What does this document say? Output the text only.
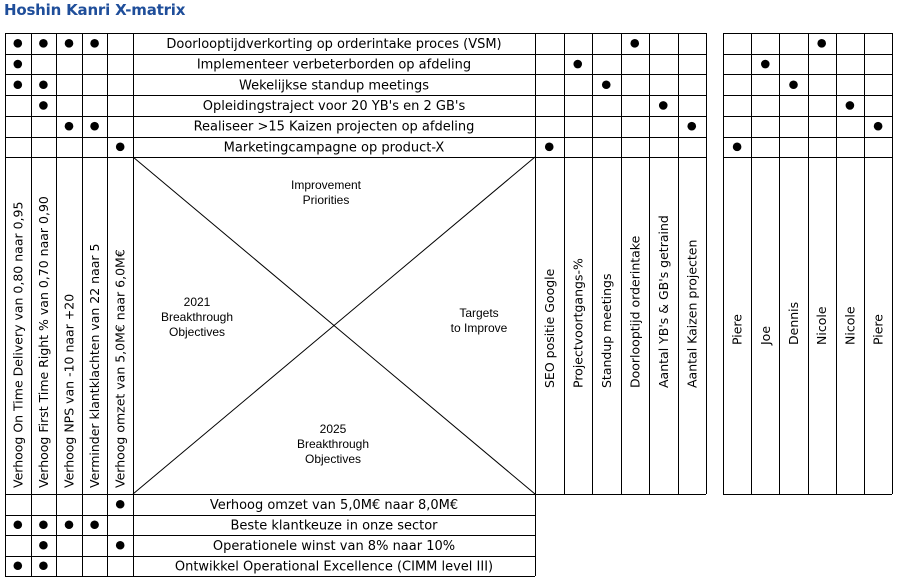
Hoshin Kanri X-matrix
Improvement
Priorities
2021
Breakthrough
Objectives
Targets
to Improve
2025
Breakthrough
Objectives
Doorlooptijdverkorting op orderintake proces (VSM)
Implementeer verbeterborden op afdeling
Wekelijkse standup meetings
Opleidingstraject voor 20 YB's en 2 GB's
Realiseer >15 Kaizen projecten op afdeling
Marketingcampagne op product-X
Verhoog omzet van 5,0M€ naar 8,0M€
Beste klantkeuze in onze sector
Operationele winst van 8% naar 10%
Ontwikkel Operational Excellence (CIMM level III)
Verhoog On Time Delivery van 0,80 naar 0,95 Verhoog First Time Right % van 0,70 naar 0,90 Verhoog NPS van -10 naar +20 Verminder klantklachten van 22 naar 5 Verhoog omzet van 5,0M€ naar 6,0M€	SEO positie Google Projectvoortgangs-% Standup meetings Doorlooptijd orderintake Aantal YB's & GB's getraind Aantal Kaizen projecten Piere Joe Dennis Nicole Nicole Piere
